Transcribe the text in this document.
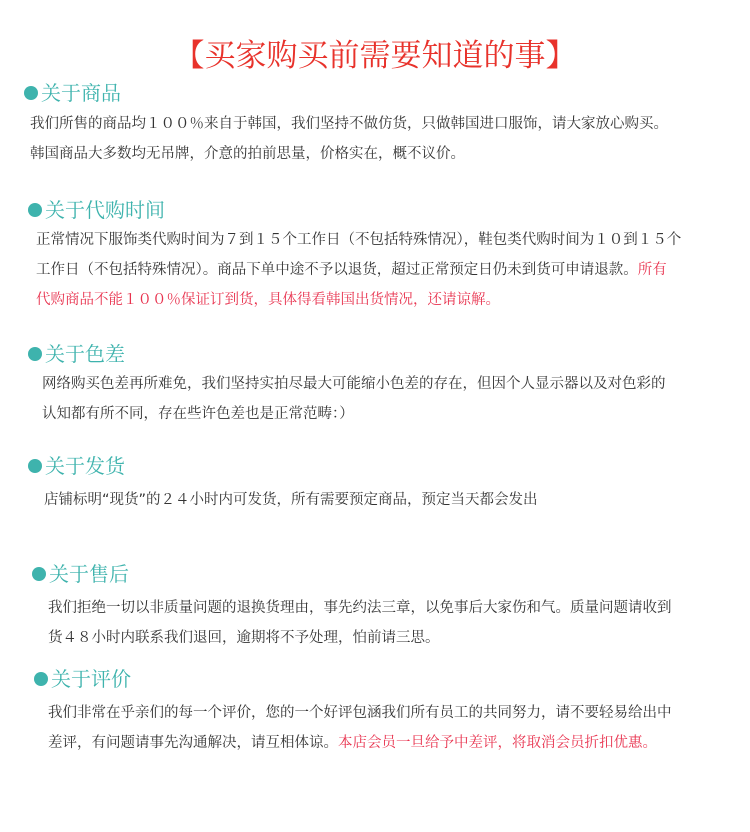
【买家购买前需要知道的事】
关于商品
我们所售的商品均１００％来自于韩国，我们坚持不做仿货，只做韩国进口服饰，请大家放心购买。
韩国商品大多数均无吊牌，介意的拍前思量，价格实在，概不议价。
关于代购时间
正常情况下服饰类代购时间为７到１５个工作日（不包括特殊情况），鞋包类代购时间为１０到１５个
工作日（不包括特殊情况）。商品下单中途不予以退货，超过正常预定日仍未到货可申请退款。所有
代购商品不能１００％保证订到货，具体得看韩国出货情况，还请谅解。
关于色差
网络购买色差再所难免，我们坚持实拍尽最大可能缩小色差的存在，但因个人显示器以及对色彩的
认知都有所不同，存在些许色差也是正常范畴：）
关于发货
店铺标明“现货”的２４小时内可发货，所有需要预定商品，预定当天都会发出
关于售后
我们拒绝一切以非质量问题的退换货理由，事先约法三章，以免事后大家伤和气。质量问题请收到
货４８小时内联系我们退回，逾期将不予处理，怕前请三思。
关于评价
我们非常在乎亲们的每一个评价，您的一个好评包涵我们所有员工的共同努力，请不要轻易给出中
差评，有问题请事先沟通解决，请互相体谅。本店会员一旦给予中差评，将取消会员折扣优惠。
